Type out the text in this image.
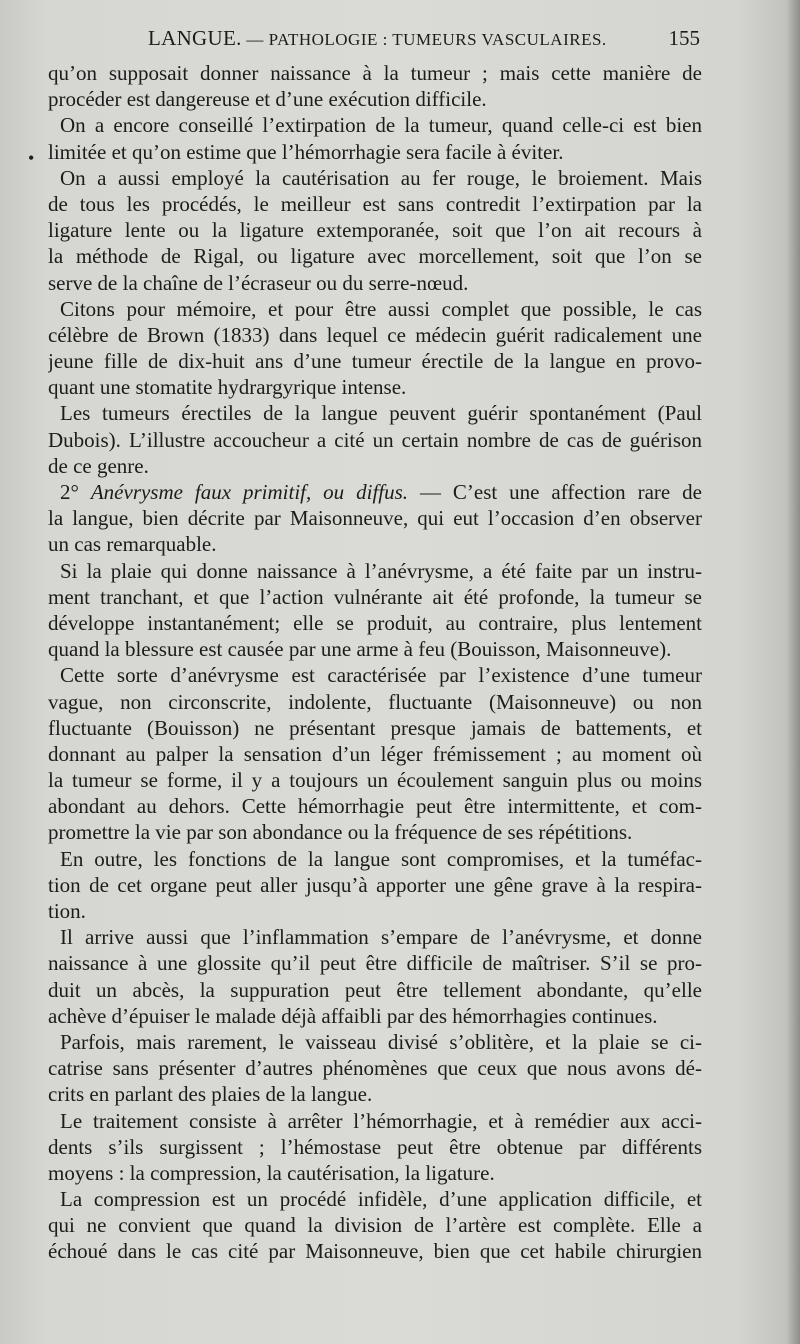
LANGUE. — PATHOLOGIE : TUMEURS VASCULAIRES.	155
•
qu’on supposait donner naissance à la tumeur ; mais cette manière de
procéder est dangereuse et d’une exécution difficile.
On a encore conseillé l’extirpation de la tumeur, quand celle-ci est bien
limitée et qu’on estime que l’hémorrhagie sera facile à éviter.
On a aussi employé la cautérisation au fer rouge, le broiement. Mais
de tous les procédés, le meilleur est sans contredit l’extirpation par la
ligature lente ou la ligature extemporanée, soit que l’on ait recours à
la méthode de Rigal, ou ligature avec morcellement, soit que l’on se
serve de la chaîne de l’écraseur ou du serre-nœud.
Citons pour mémoire, et pour être aussi complet que possible, le cas
célèbre de Brown (1833) dans lequel ce médecin guérit radicalement une
jeune fille de dix-huit ans d’une tumeur érectile de la langue en provo-
quant une stomatite hydrargyrique intense.
Les tumeurs érectiles de la langue peuvent guérir spontanément (Paul
Dubois). L’illustre accoucheur a cité un certain nombre de cas de guérison
de ce genre.
2° Anévrysme faux primitif, ou diffus. — C’est une affection rare de
la langue, bien décrite par Maisonneuve, qui eut l’occasion d’en observer
un cas remarquable.
Si la plaie qui donne naissance à l’anévrysme, a été faite par un instru-
ment tranchant, et que l’action vulnérante ait été profonde, la tumeur se
développe instantanément; elle se produit, au contraire, plus lentement
quand la blessure est causée par une arme à feu (Bouisson, Maisonneuve).
Cette sorte d’anévrysme est caractérisée par l’existence d’une tumeur
vague, non circonscrite, indolente, fluctuante (Maisonneuve) ou non
fluctuante (Bouisson) ne présentant presque jamais de battements, et
donnant au palper la sensation d’un léger frémissement ; au moment où
la tumeur se forme, il y a toujours un écoulement sanguin plus ou moins
abondant au dehors. Cette hémorrhagie peut être intermittente, et com-
promettre la vie par son abondance ou la fréquence de ses répétitions.
En outre, les fonctions de la langue sont compromises, et la tuméfac-
tion de cet organe peut aller jusqu’à apporter une gêne grave à la respira-
tion.
Il arrive aussi que l’inflammation s’empare de l’anévrysme, et donne
naissance à une glossite qu’il peut être difficile de maîtriser. S’il se pro-
duit un abcès, la suppuration peut être tellement abondante, qu’elle
achève d’épuiser le malade déjà affaibli par des hémorrhagies continues.
Parfois, mais rarement, le vaisseau divisé s’oblitère, et la plaie se ci-
catrise sans présenter d’autres phénomènes que ceux que nous avons dé-
crits en parlant des plaies de la langue.
Le traitement consiste à arrêter l’hémorrhagie, et à remédier aux acci-
dents s’ils surgissent ; l’hémostase peut être obtenue par différents
moyens : la compression, la cautérisation, la ligature.
La compression est un procédé infidèle, d’une application difficile, et
qui ne convient que quand la division de l’artère est complète. Elle a
échoué dans le cas cité par Maisonneuve, bien que cet habile chirurgien
